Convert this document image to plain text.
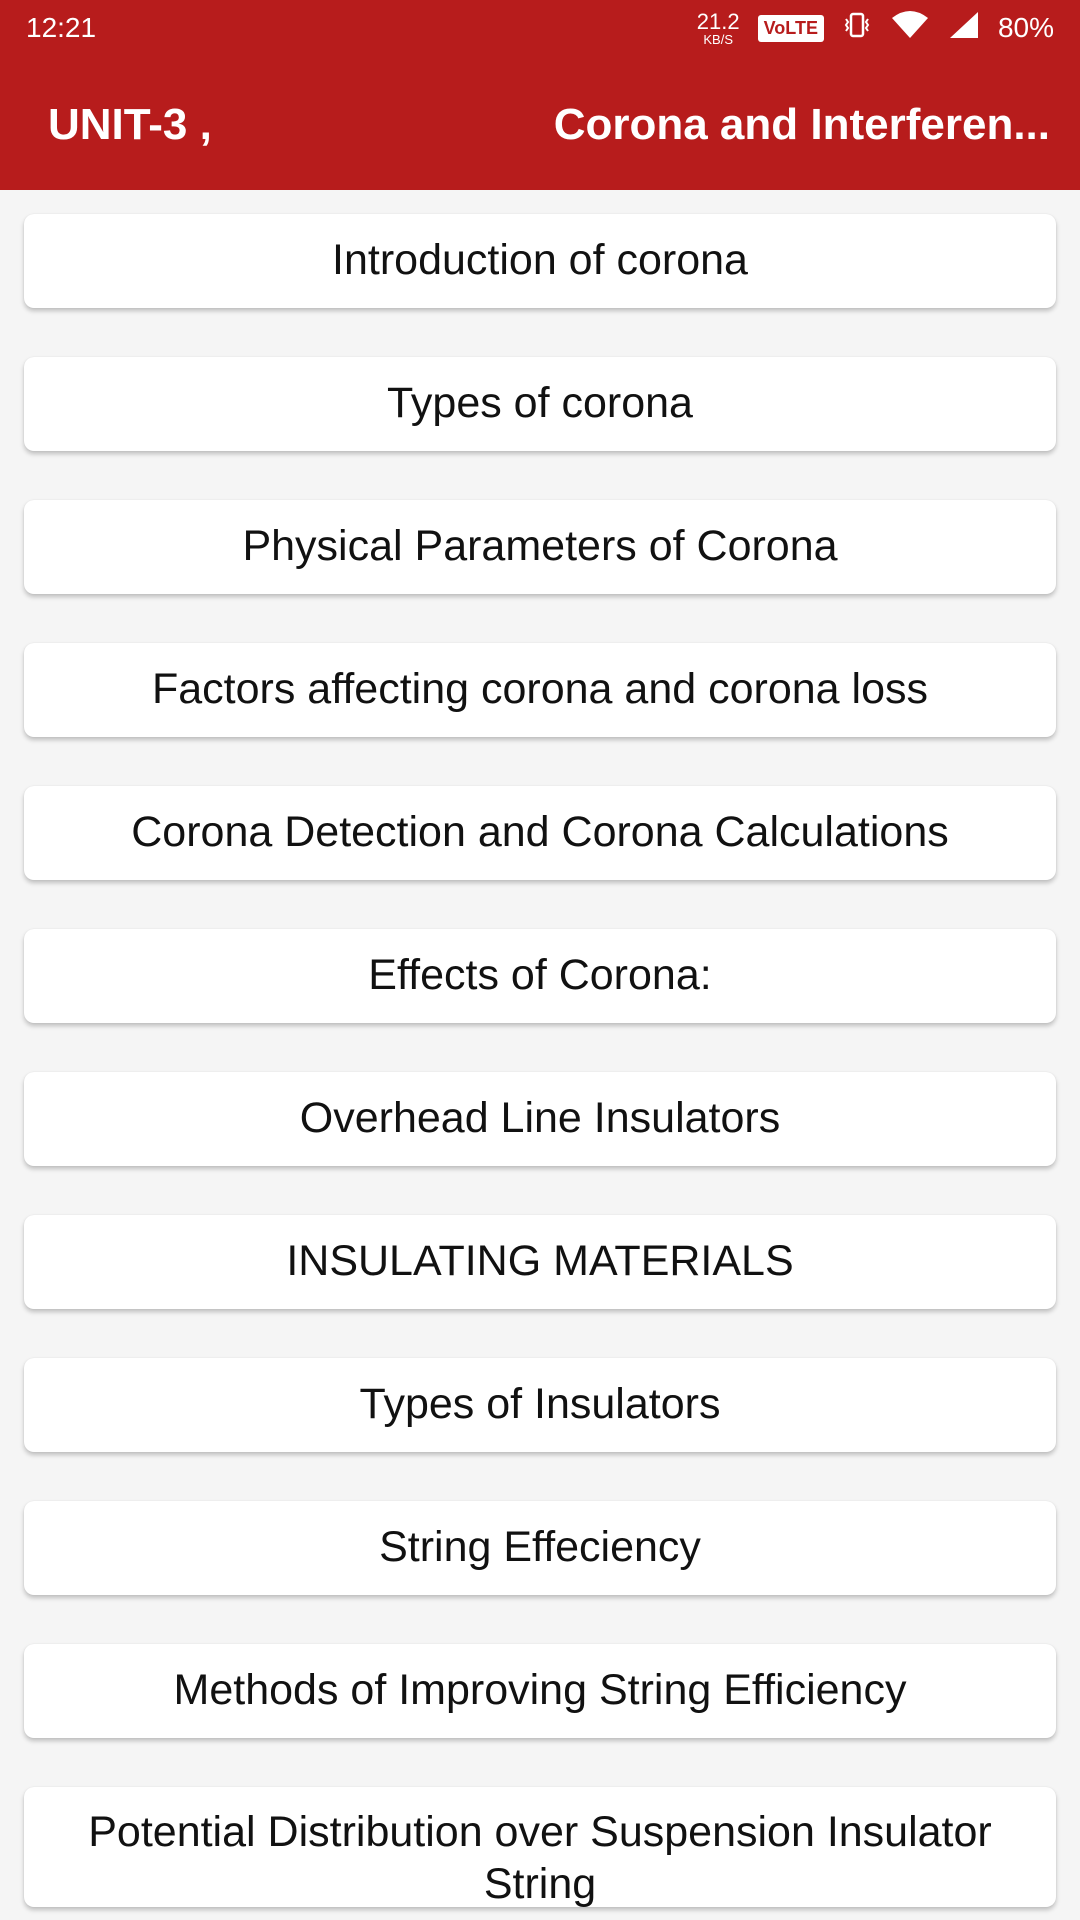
12:21	21.2
KB/S
VoLTE	80%
UNIT-3 ,	Corona and Interferen...
Introduction of corona
Types of corona
Physical Parameters of Corona
Factors affecting corona and corona loss
Corona Detection and Corona Calculations
Effects of Corona:
Overhead Line Insulators
INSULATING MATERIALS
Types of Insulators
String Effeciency
Methods of Improving String Efficiency
Potential Distribution over Suspension Insulator String
